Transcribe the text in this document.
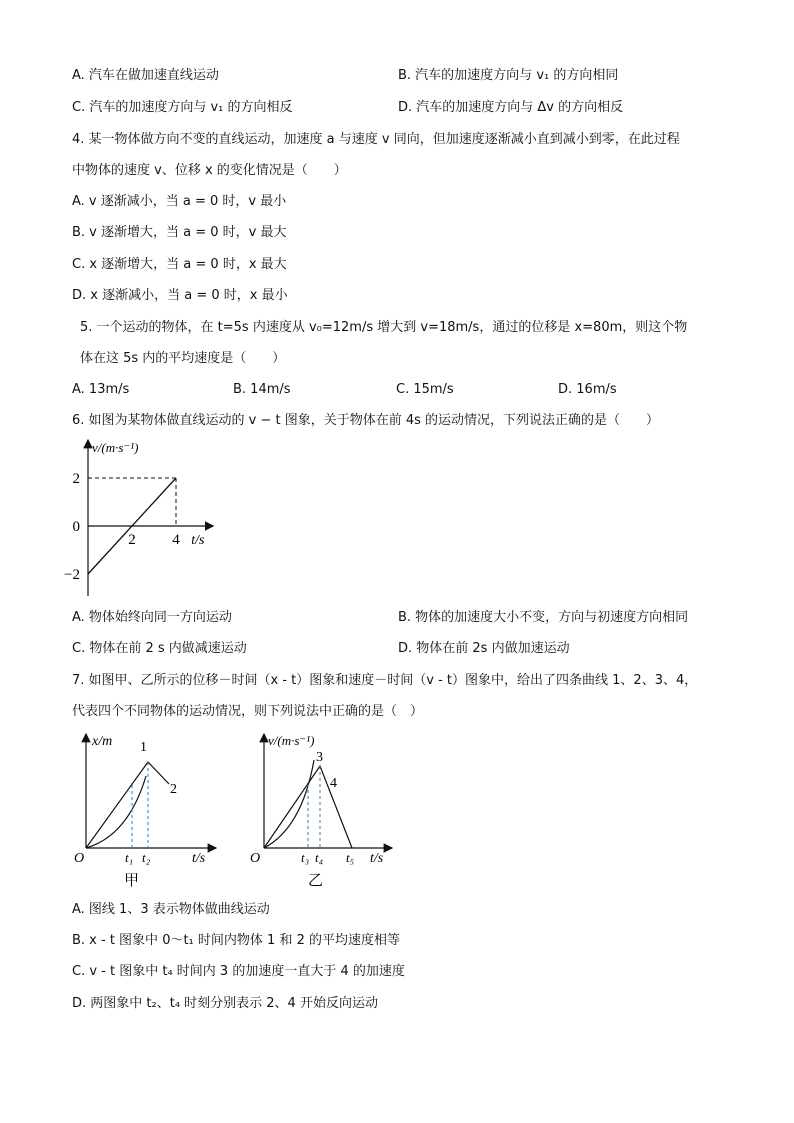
A. 汽车在做加速直线运动	B. 汽车的加速度方向与 v₁ 的方向相同
C. 汽车的加速度方向与 v₁ 的方向相反	D. 汽车的加速度方向与 Δv 的方向相反
4. 某一物体做方向不变的直线运动，加速度 a 与速度 v 同向，但加速度逐渐减小直到减小到零，在此过程
中物体的速度 v、位移 x 的变化情况是（　　）
A. v 逐渐减小，当 a = 0 时，v 最小
B. v 逐渐增大，当 a = 0 时，v 最大
C. x 逐渐增大，当 a = 0 时，x 最大
D. x 逐渐减小，当 a = 0 时，x 最小
5. 一个运动的物体，在 t=5s 内速度从 v₀=12m/s 增大到 v=18m/s，通过的位移是 x=80m，则这个物
体在这 5s 内的平均速度是（　　）
A. 13m/s	B. 14m/s	C. 15m/s	D. 16m/s
6. 如图为某物体做直线运动的 v − t 图象，关于物体在前 4s 的运动情况，下列说法正确的是（　　）
2
0
−2
2 4
v/(m·s⁻¹)
t/s
A. 物体始终向同一方向运动	B. 物体的加速度大小不变，方向与初速度方向相同
C. 物体在前 2 s 内做减速运动	D. 物体在前 2s 内做加速运动
7. 如图甲、乙所示的位移－时间（x - t）图象和速度－时间（v - t）图象中，给出了四条曲线 1、2、3、4，
代表四个不同物体的运动情况，则下列说法中正确的是（　）
x/m 1
2
O	t₁ t₂	t/s
甲
v/(m·s⁻¹)
3
4
O	t₃ t₄ t₅ t/s
乙
A. 图线 1、3 表示物体做曲线运动
B. x - t 图象中 0～t₁ 时间内物体 1 和 2 的平均速度相等
C. v - t 图象中 t₄ 时间内 3 的加速度一直大于 4 的加速度
D. 两图象中 t₂、t₄ 时刻分别表示 2、4 开始反向运动
